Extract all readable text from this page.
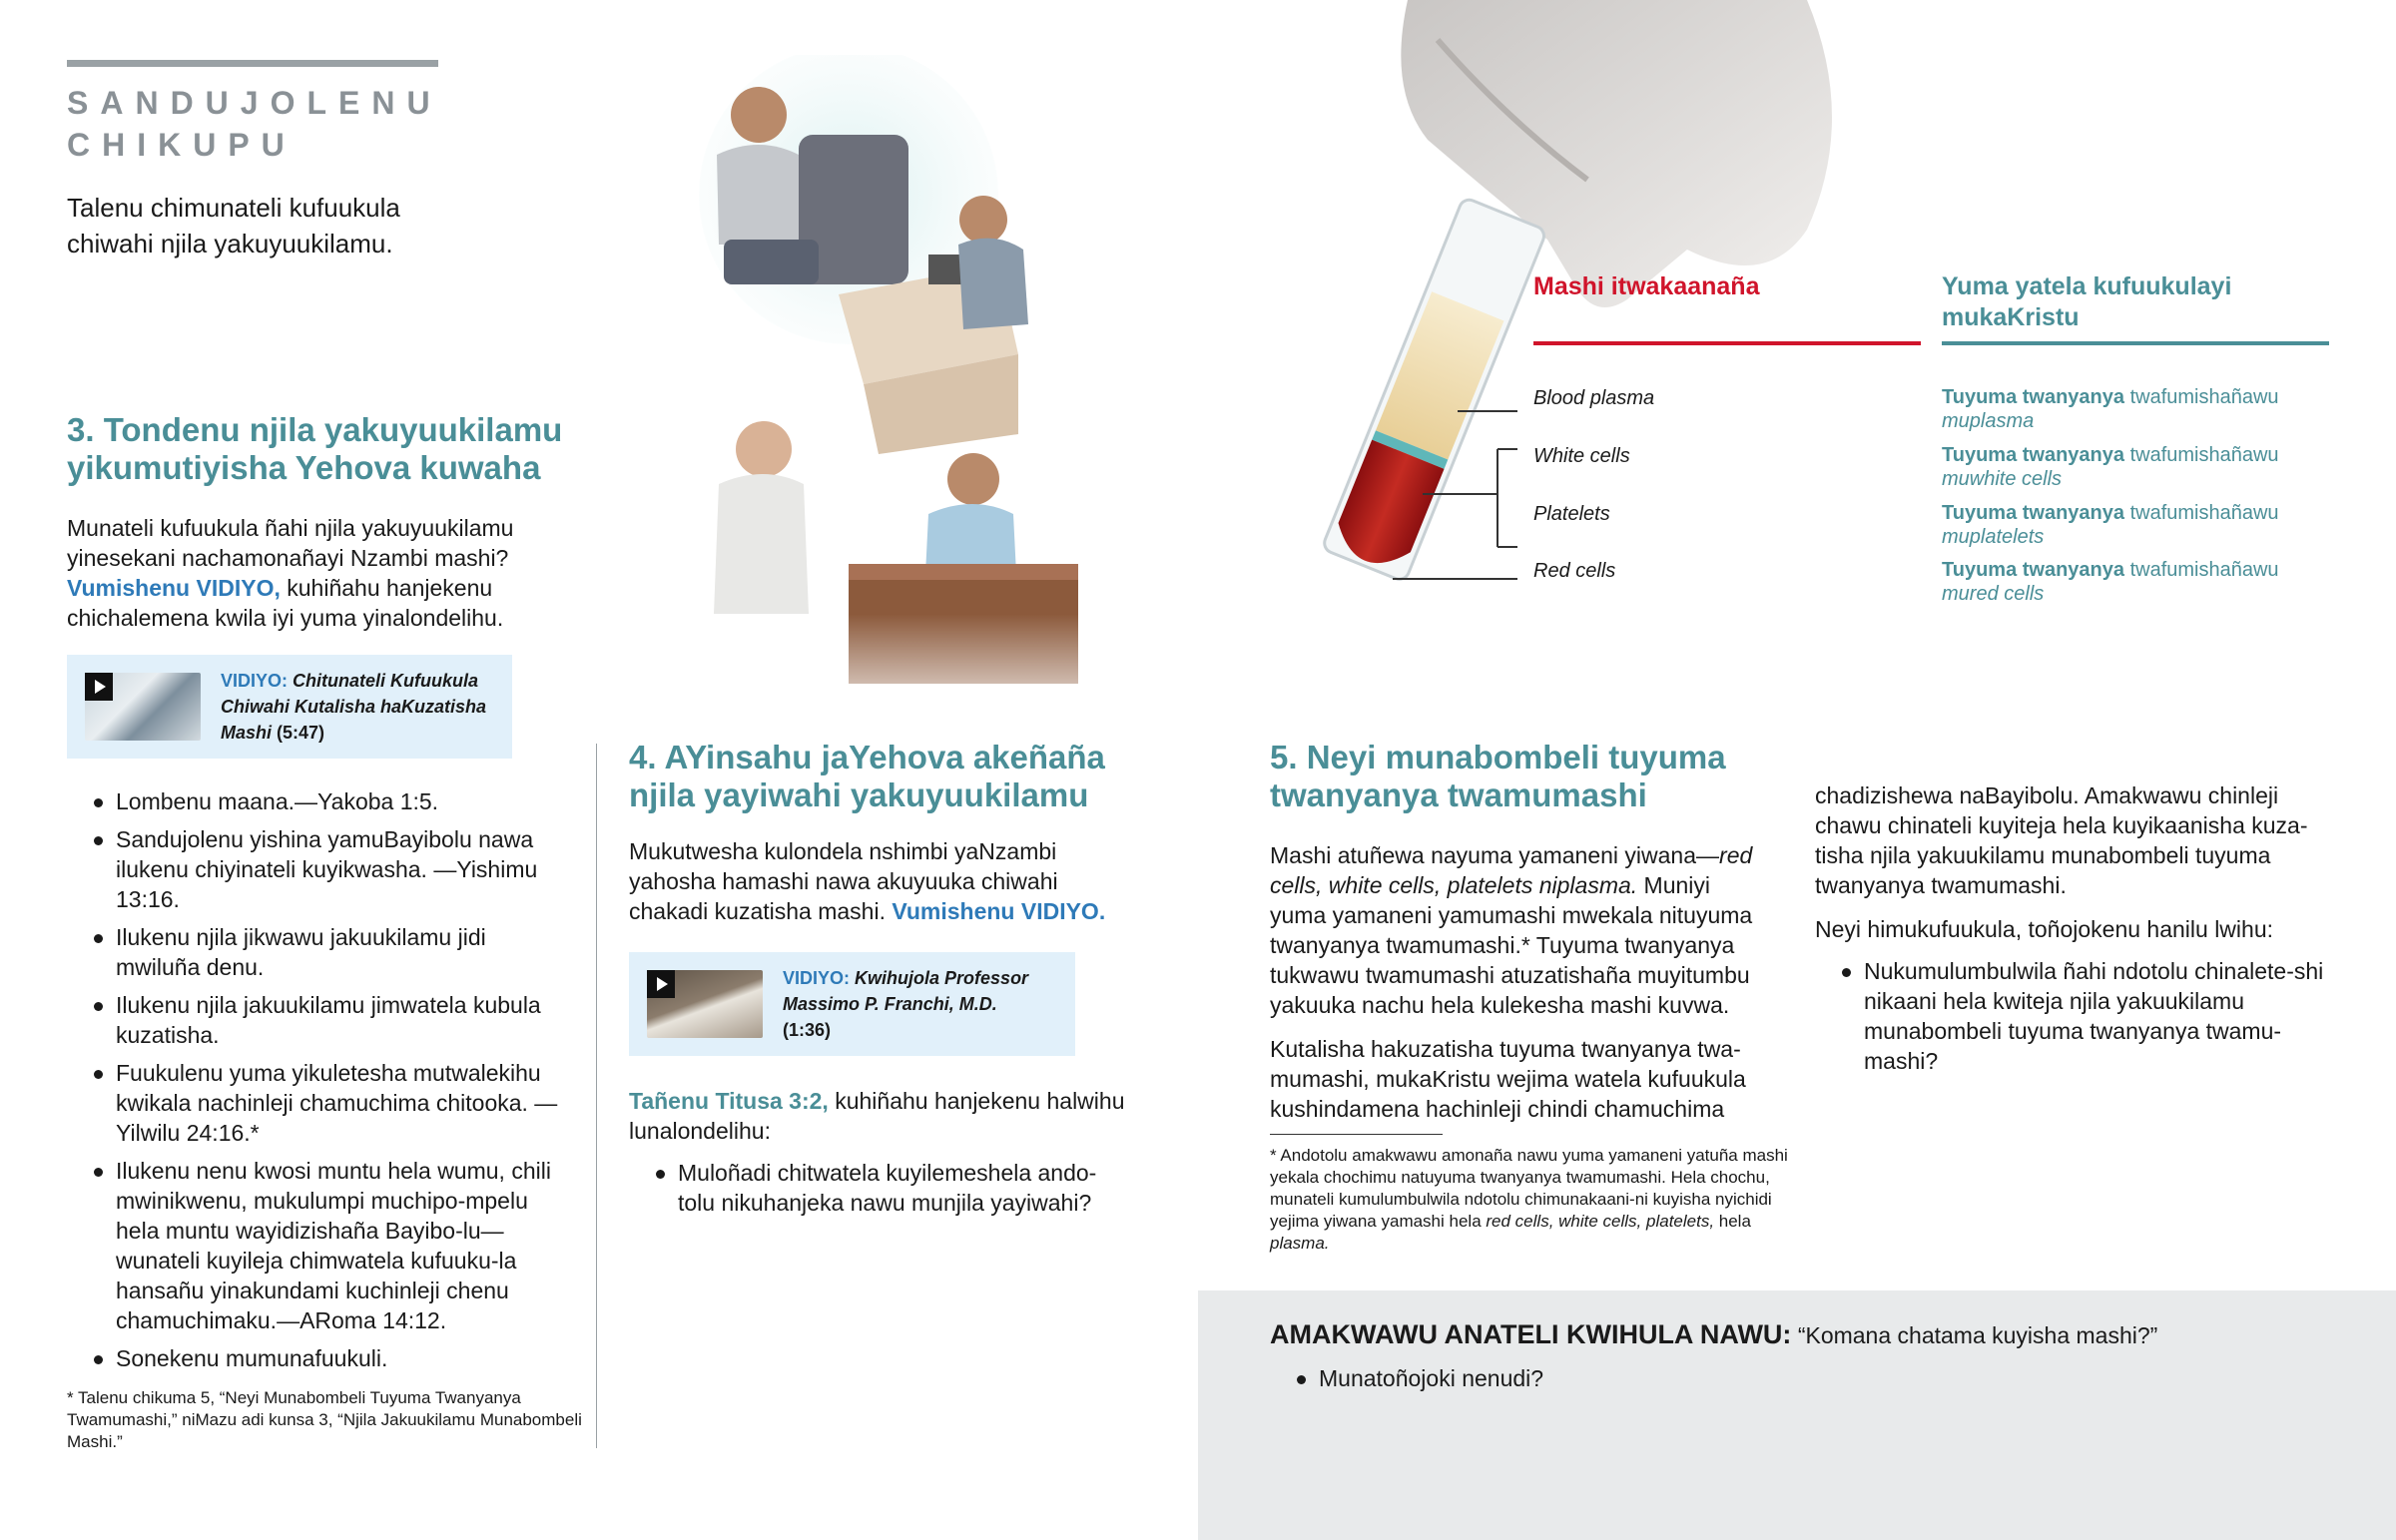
SANDUJOLENU CHIKUPU
Talenu chimunateli kufuukula chiwahi njila yakuyuukilamu.
3. Tondenu njila yakuyuukilamu yikumutiyisha Yehova kuwaha

Munateli kufuukula ñahi njila yakuyuukilamu yinesekani nachamonañayi Nzambi mashi? Vumishenu VIDIYO, kuhiñahu hanjekenu chichalemena kwila iyi yuma yinalondelihu.

VIDIYO: Chitunateli Kufuukula Chiwahi Kutalisha haKuzatisha Mashi (5:47)
Lombenu maana.—Yakoba 1:5.
Sandujolenu yishina yamuBayibolu nawa ilukenu chiyinateli kuyikwasha. —Yishimu 13:16.
Ilukenu njila jikwawu jakuukilamu jidi mwiluña denu.
Ilukenu njila jakuukilamu jimwatela kubula kuzatisha.
Fuukulenu yuma yikuletesha mutwalekihu kwikala nachinleji chamuchima chitooka. —Yilwilu 24:16.*
Ilukenu nenu kwosi muntu hela wumu, chili mwinikwenu, mukulumpi muchipo-mpelu hela muntu wayidizishaña Bayibo-lu—wunateli kuyileja chimwatela kufuuku-la hansañu yinakundami kuchinleji chenu chamuchimaku.—ARoma 14:12.
Sonekenu mumunafuukuli.
* Talenu chikuma 5, “Neyi Munabombeli Tuyuma Twanyanya Twamumashi,” niMazu adi kunsa 3, “Njila Jakuukilamu Munabombeli Mashi.”
4. AYinsahu jaYehova akeñaña njila yayiwahi yakuyuukilamu

Mukutwesha kulondela nshimbi yaNzambi yahosha hamashi nawa akuyuuka chiwahi chakadi kuzatisha mashi. Vumishenu VIDIYO.

VIDIYO: Kwihujola Professor Massimo P. Franchi, M.D.
(1:36)

Tañenu Titusa 3:2, kuhiñahu hanjekenu halwihu lunalondelihu:

Muloñadi chitwatela kuyilemeshela ando-tolu nikuhanjeka nawu munjila yayiwahi?
Mashi itwakaanaña	Yuma yatela kufuukulayi mukaKristu
Blood plasma . . .	Tuyuma twanyanya twafumishañawu
muplasma
White cells . . .	Tuyuma twanyanya twafumishañawu
muwhite cells
Platelets . . .	Tuyuma twanyanya twafumishañawu
muplatelets
Red cells . . .	Tuyuma twanyanya twafumishañawu
mured cells
5. Neyi munabombeli tuyuma twanyanya twamumashi

Mashi atuñewa nayuma yamaneni yiwana—red cells, white cells, platelets niplasma. Muniyi yuma yamaneni yamumashi mwekala nituyuma twanyanya twamumashi.* Tuyuma twanyanya tukwawu twamumashi atuzatishaña muyitumbu yakuuka nachu hela kulekesha mashi kuvwa.

Kutalisha hakuzatisha tuyuma twanyanya twa-mumashi, mukaKristu wejima watela kufuukula kushindamena hachinleji chindi chamuchima

* Andotolu amakwawu amonaña nawu yuma yamaneni yatuña mashi yekala chochimu natuyuma twanyanya twamumashi. Hela chochu, munateli kumulumbulwila ndotolu chimunakaani-ni kuyisha nyichidi yejima yiwana yamashi hela red cells, white cells, platelets, hela plasma.

chadizishewa naBayibolu. Amakwawu chinleji chawu chinateli kuyiteja hela kuyikaanisha kuza-tisha njila yakuukilamu munabombeli tuyuma twanyanya twamumashi.

Neyi himukufuukula, toñojokenu hanilu lwihu:

Nukumulumbulwila ñahi ndotolu chinalete-shi nikaani hela kwiteja njila yakuukilamu munabombeli tuyuma twanyanya twamu-mashi?
AMAKWAWU ANATELI KWIHULA NAWU: “Komana chatama kuyisha mashi?”
Munatoñojoki nenudi?
